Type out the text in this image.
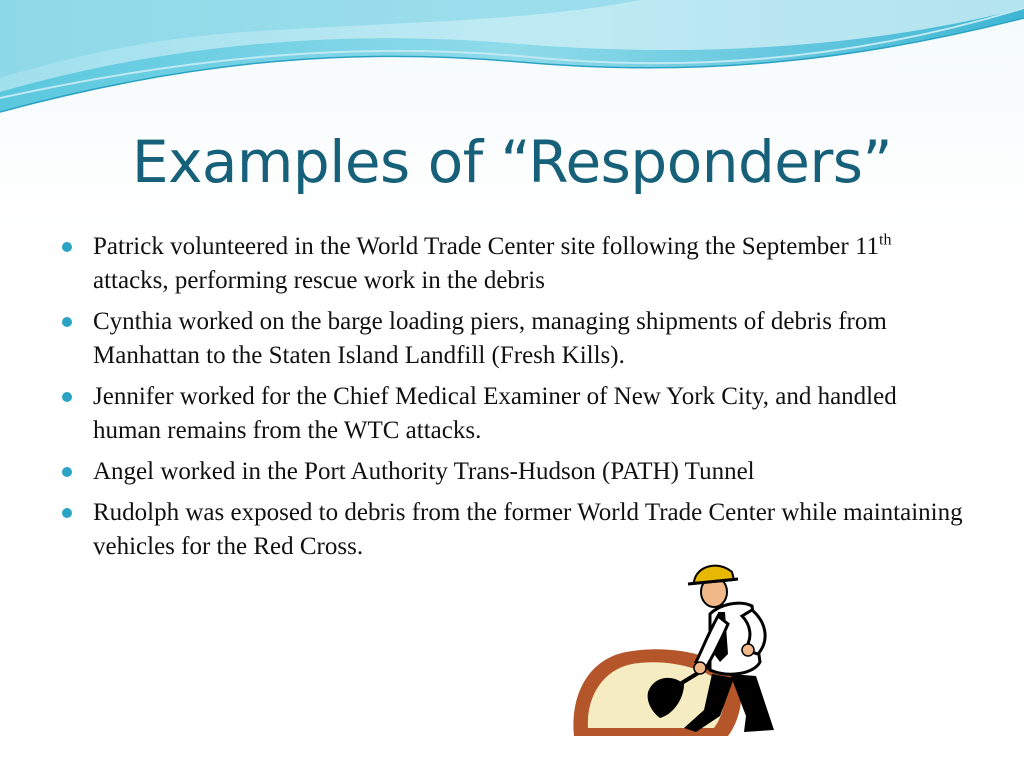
Examples of “Responders”
Patrick volunteered in the World Trade Center site following the September 11th attacks, performing rescue work in the debris
Cynthia worked on the barge loading piers, managing shipments of debris from Manhattan to the Staten Island Landfill (Fresh Kills).
Jennifer worked for the Chief Medical Examiner of New York City, and handled human remains from the WTC attacks.
Angel worked in the Port Authority Trans-Hudson (PATH) Tunnel
Rudolph was exposed to debris from the former World Trade Center while maintaining vehicles for the Red Cross.
